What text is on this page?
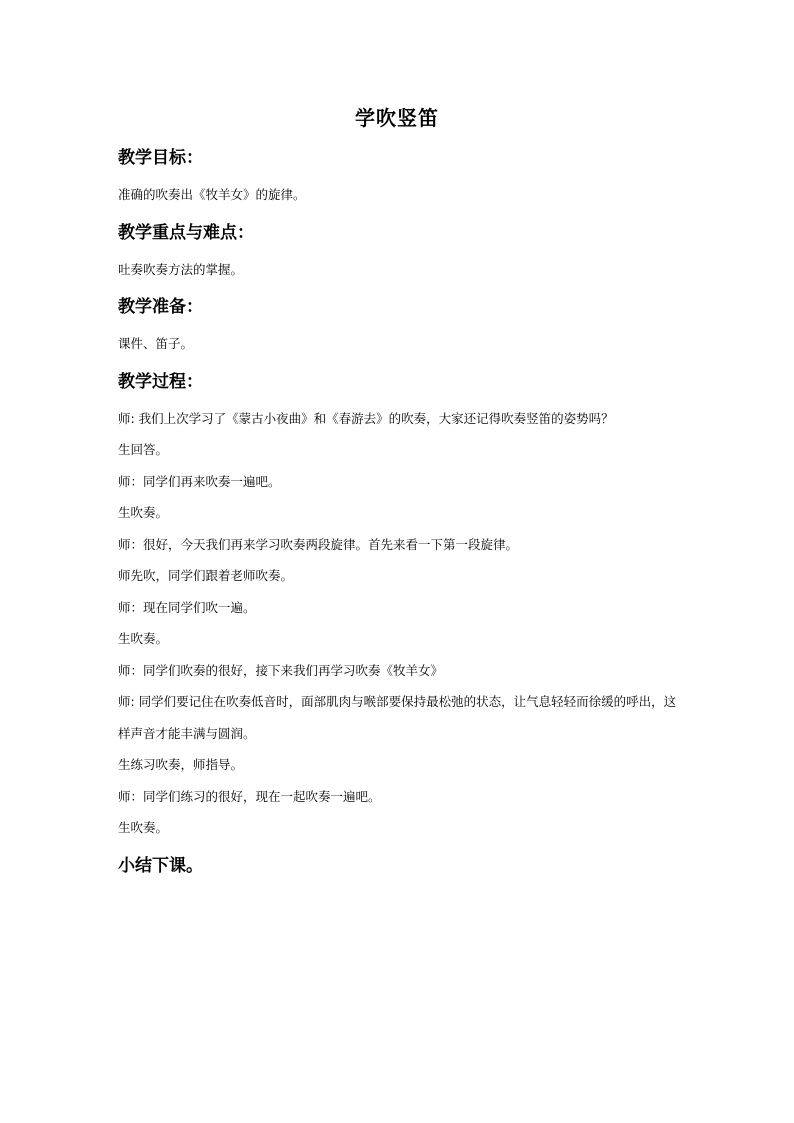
学吹竖笛
教学目标：

准确的吹奏出《牧羊女》的旋律。

教学重点与难点：

吐奏吹奏方法的掌握。

教学准备：

课件、笛子。

教学过程：

师: 我们上次学习了《蒙古小夜曲》和《春游去》的吹奏，大家还记得吹奏竖笛的姿势吗？

生回答。

师：同学们再来吹奏一遍吧。

生吹奏。

师：很好，今天我们再来学习吹奏两段旋律。首先来看一下第一段旋律。

师先吹，同学们跟着老师吹奏。

师：现在同学们吹一遍。

生吹奏。

师：同学们吹奏的很好，接下来我们再学习吹奏《牧羊女》

师: 同学们要记住在吹奏低音时，面部肌肉与喉部要保持最松弛的状态，让气息轻轻而徐缓的呼出，这样声音才能丰满与圆润。

生练习吹奏，师指导。

师：同学们练习的很好，现在一起吹奏一遍吧。

生吹奏。

小结下课。
